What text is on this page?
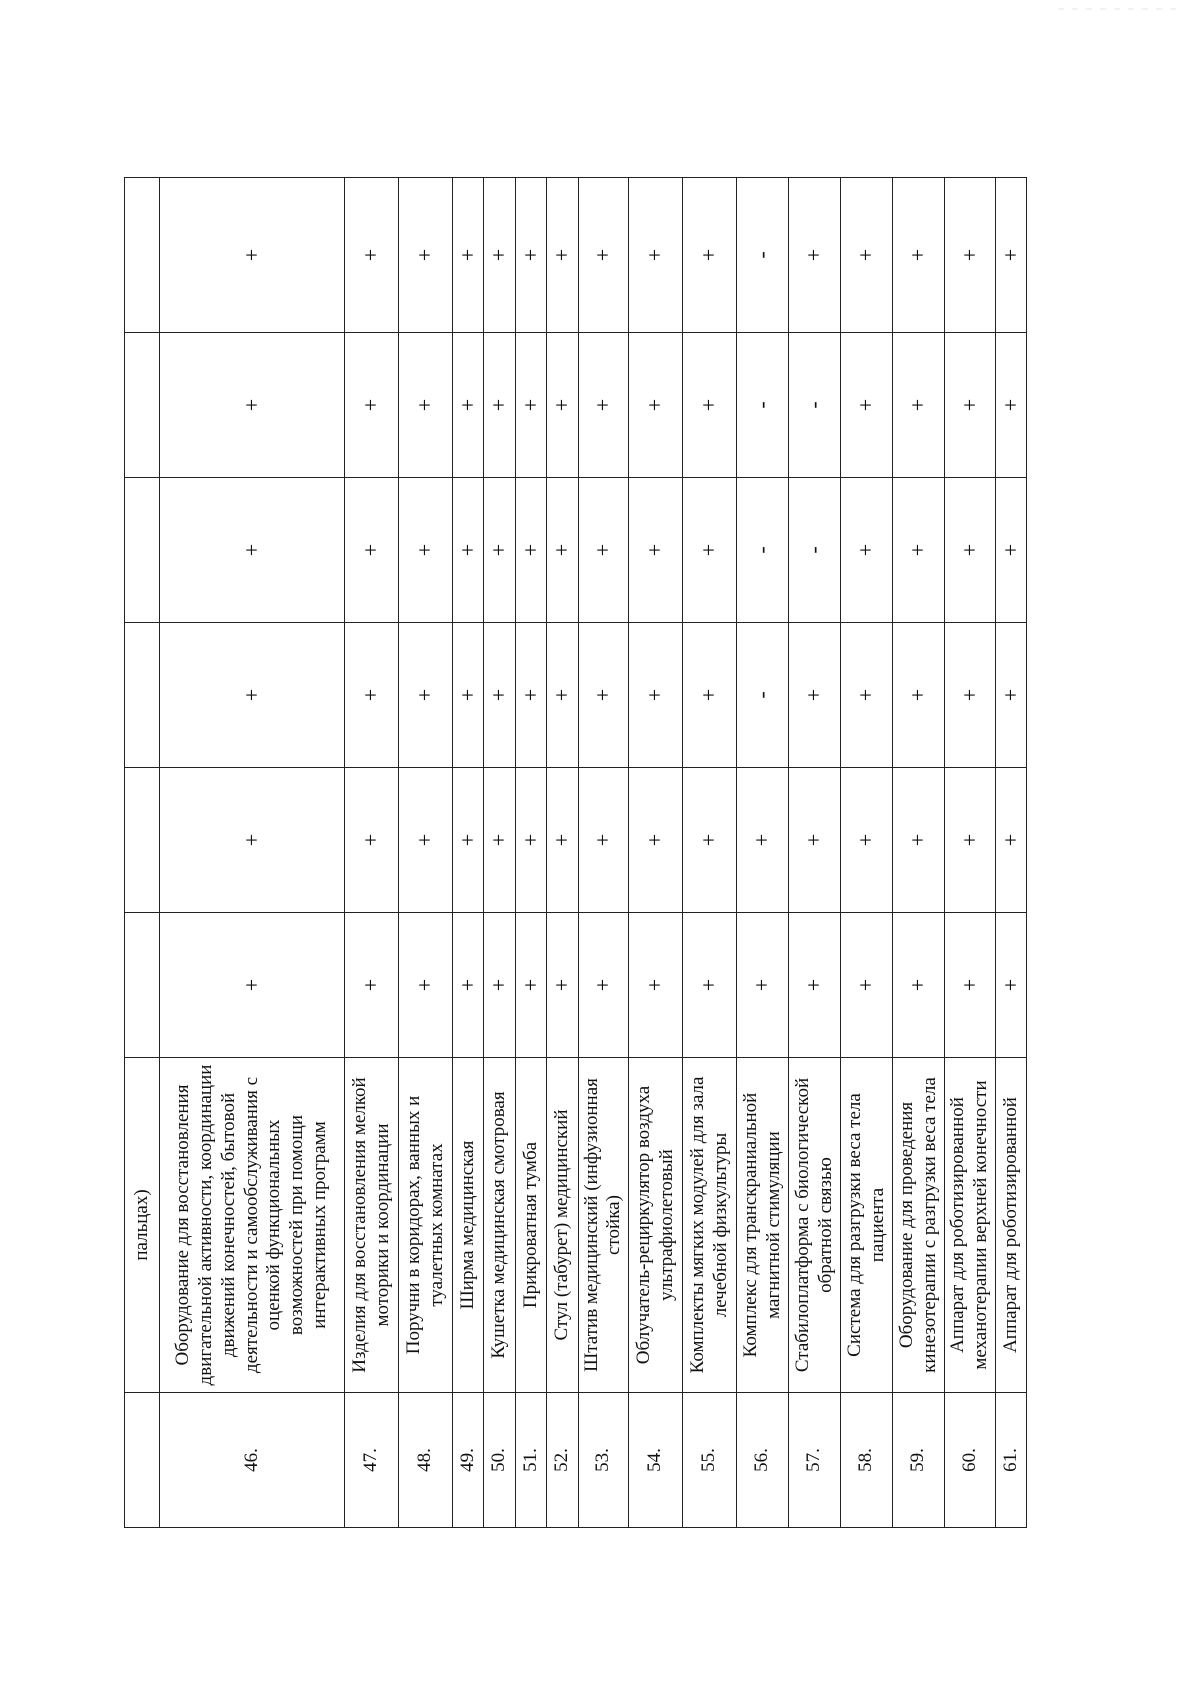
	пальцах)						
46.	Оборудование для восстановления двигательной активности, координации движений конечностей, бытовой деятельности и самообслуживания с оценкой функциональных возможностей при помощи интерактивных программ	+	+	+	+	+	+
47.	Изделия для восстановления мелкой моторики и координации	+	+	+	+	+	+
48.	Поручни в коридорах, ванных и туалетных комнатах	+	+	+	+	+	+
49.	Ширма медицинская	+	+	+	+	+	+
50.	Кушетка медицинская смотровая	+	+	+	+	+	+
51.	Прикроватная тумба	+	+	+	+	+	+
52.	Стул (табурет) медицинский	+	+	+	+	+	+
53.	Штатив медицинский (инфузионная стойка)	+	+	+	+	+	+
54.	Облучатель-рециркулятор воздуха ультрафиолетовый	+	+	+	+	+	+
55.	Комплекты мягких модулей для зала лечебной физкультуры	+	+	+	+	+	+
56.	Комплекс для транскраниальной магнитной стимуляции	+	+	-	-	-	-
57.	Стабилоплатформа с биологической обратной связью	+	+	+	-	-	+
58.	Система для разгрузки веса тела пациента	+	+	+	+	+	+
59.	Оборудование для проведения кинезотерапии с разгрузки веса тела	+	+	+	+	+	+
60.	Аппарат для роботизированной механотерапии верхней конечности	+	+	+	+	+	+
61.	Аппарат для роботизированной	+	+	+	+	+	+
